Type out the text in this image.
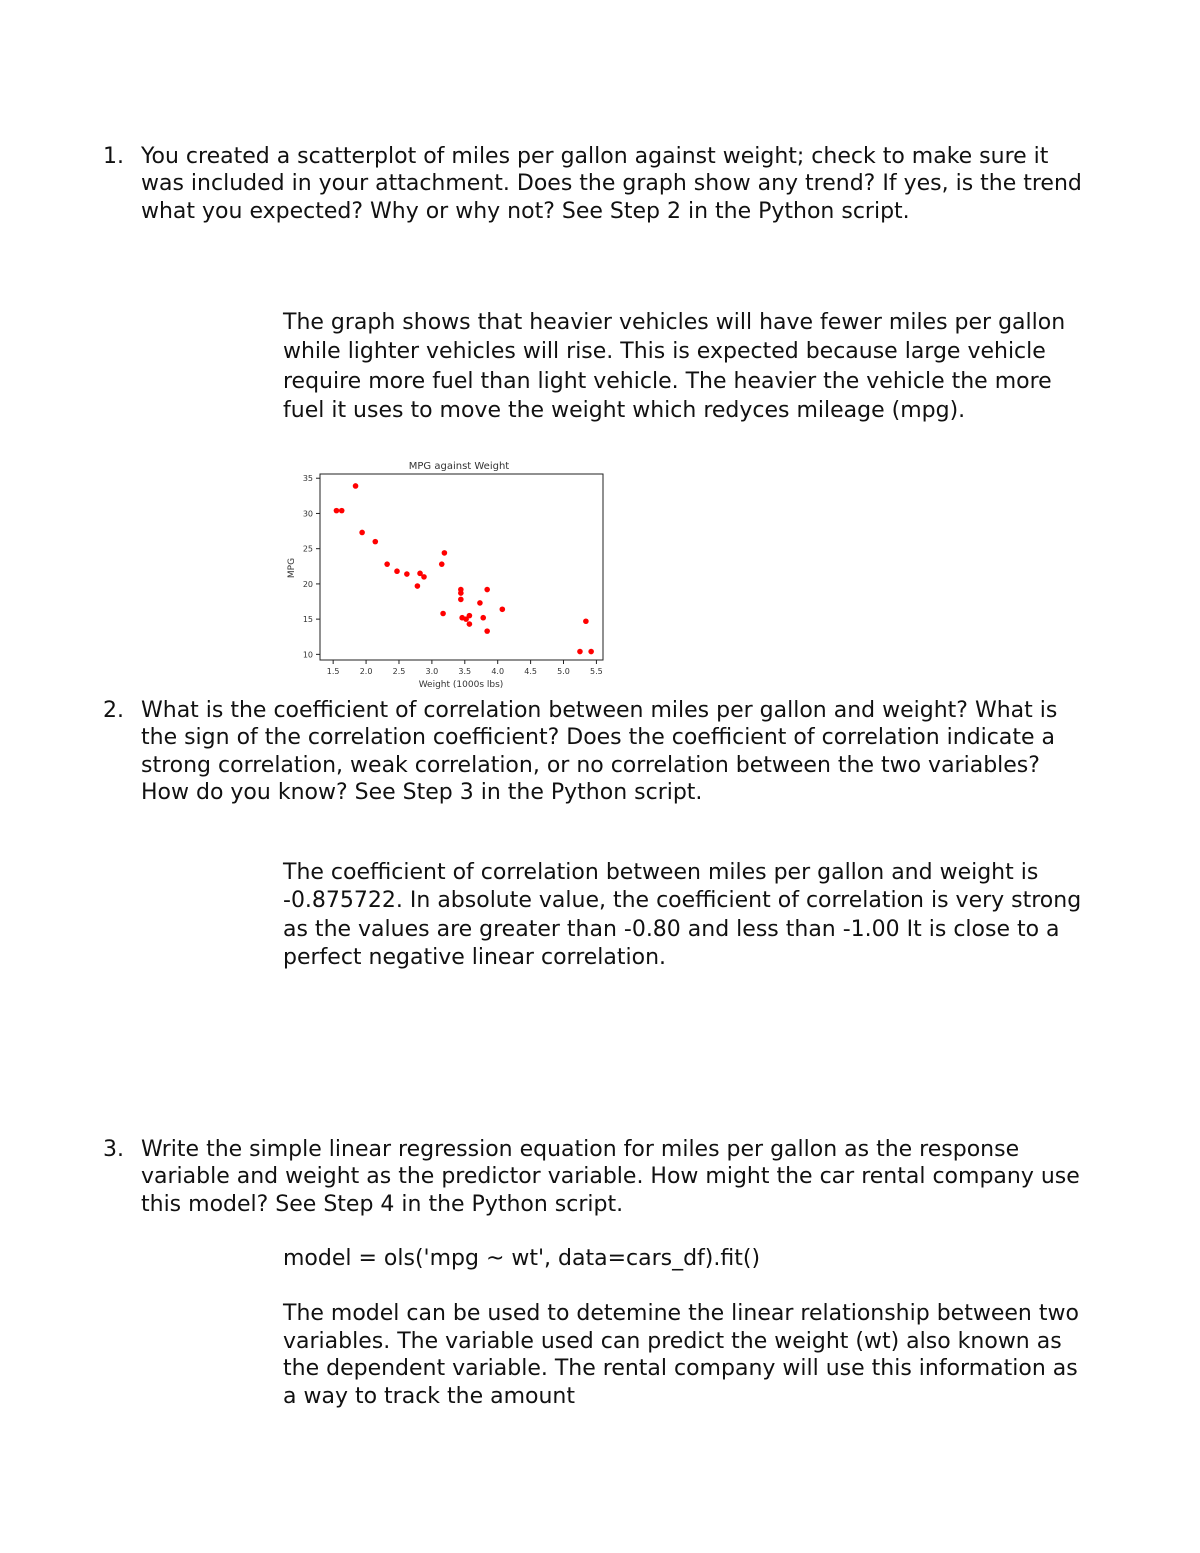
1. You created a scatterplot of miles per gallon against weight; check to make sure it was included in your attachment. Does the graph show any trend? If yes, is the trend what you expected? Why or why not? See Step 2 in the Python script.
The graph shows that heavier vehicles will have fewer miles per gallon while lighter vehicles will rise. This is expected because large vehicle require more fuel than light vehicle. The heavier the vehicle the more fuel it uses to move the weight which redyces mileage (mpg).
MPG against Weight
10
15
20
25
30
35
1.5	2.0	2.5	3.0	3.5	4.0	4.5	5.0	5.5
MPG
Weight (1000s lbs)
2. What is the coefficient of correlation between miles per gallon and weight? What is the sign of the correlation coefficient? Does the coefficient of correlation indicate a strong correlation, weak correlation, or no correlation between the two variables? How do you know? See Step 3 in the Python script.
The coefficient of correlation between miles per gallon and weight is -0.875722. In absolute value, the coefficient of correlation is very strong as the values are greater than -0.80 and less than -1.00 It is close to a perfect negative linear correlation.
3. Write the simple linear regression equation for miles per gallon as the response variable and weight as the predictor variable. How might the car rental company use this model? See Step 4 in the Python script.
model = ols('mpg ~ wt', data=cars_df).fit()
The model can be used to detemine the linear relationship between two variables. The variable used can predict the weight (wt) also known as the dependent variable. The rental company will use this information as a way to track the amount
